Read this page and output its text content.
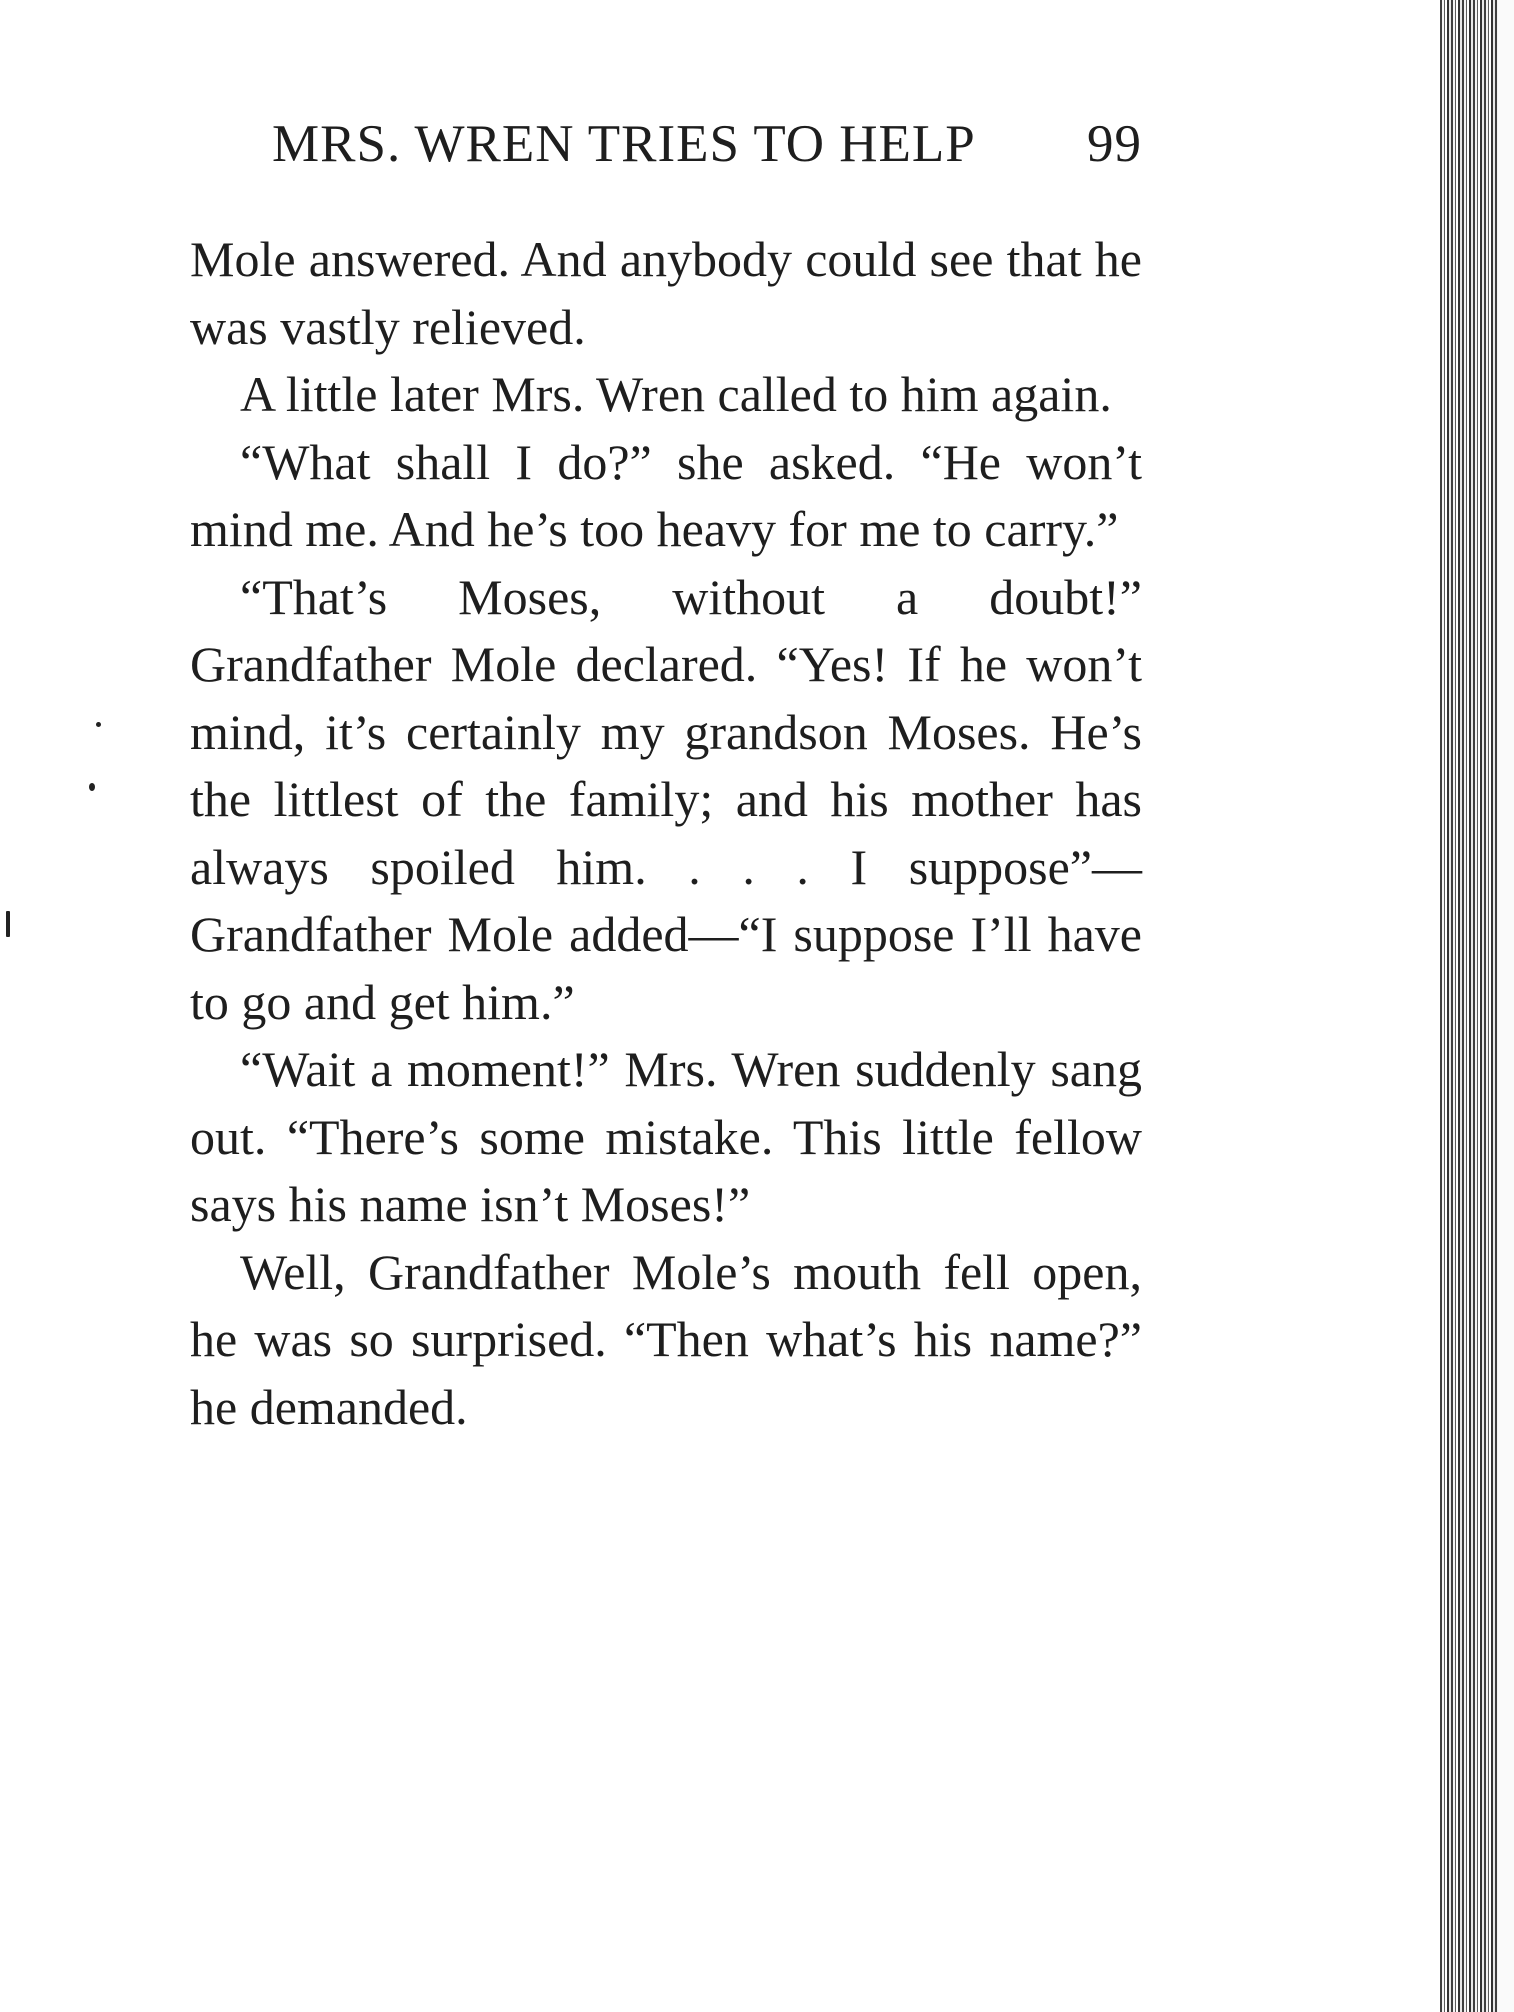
MRS. WREN TRIES TO HELP 99

Mole answered. And anybody could see that he was vastly relieved.

A little later Mrs. Wren called to him again.

“What shall I do?” she asked. “He won’t mind me. And he’s too heavy for me to carry.”

“That’s Moses, without a doubt!” Grandfather Mole declared. “Yes! If he won’t mind, it’s certainly my grandson Moses. He’s the littlest of the family; and his mother has always spoiled him. . . . I suppose”—Grandfather Mole added—“I suppose I’ll have to go and get him.”

“Wait a moment!” Mrs. Wren suddenly sang out. “There’s some mistake. This little fellow says his name isn’t Moses!”

Well, Grandfather Mole’s mouth fell open, he was so surprised. “Then what’s his name?” he demanded.
